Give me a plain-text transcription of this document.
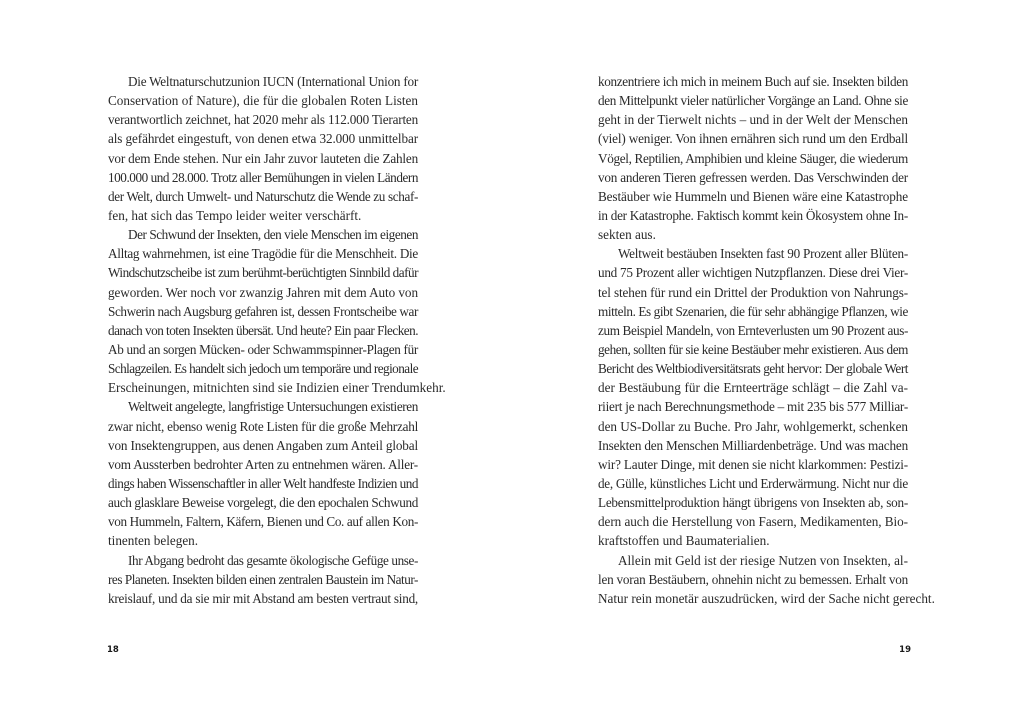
Die Weltnaturschutzunion IUCN (International Union for
Conservation of Nature), die für die globalen Roten Listen
verantwortlich zeichnet, hat 2020 mehr als 112.000 Tierarten
als gefährdet eingestuft, von denen etwa 32.000 unmittelbar
vor dem Ende stehen. Nur ein Jahr zuvor lauteten die Zahlen
100.000 und 28.000. Trotz aller Bemühungen in vielen Ländern
der Welt, durch Umwelt- und Naturschutz die Wende zu schaf-
fen, hat sich das Tempo leider weiter verschärft.
Der Schwund der Insekten, den viele Menschen im eigenen
Alltag wahrnehmen, ist eine Tragödie für die Menschheit. Die
Windschutzscheibe ist zum berühmt-berüchtigten Sinnbild dafür
geworden. Wer noch vor zwanzig Jahren mit dem Auto von
Schwerin nach Augsburg gefahren ist, dessen Frontscheibe war
danach von toten Insekten übersät. Und heute? Ein paar Flecken.
Ab und an sorgen Mücken- oder Schwammspinner-Plagen für
Schlagzeilen. Es handelt sich jedoch um temporäre und regionale
Erscheinungen, mitnichten sind sie Indizien einer Trendumkehr.
Weltweit angelegte, langfristige Untersuchungen existieren
zwar nicht, ebenso wenig Rote Listen für die große Mehrzahl
von Insektengruppen, aus denen Angaben zum Anteil global
vom Aussterben bedrohter Arten zu entnehmen wären. Aller-
dings haben Wissenschaftler in aller Welt handfeste Indizien und
auch glasklare Beweise vorgelegt, die den epochalen Schwund
von Hummeln, Faltern, Käfern, Bienen und Co. auf allen Kon-
tinenten belegen.
Ihr Abgang bedroht das gesamte ökologische Gefüge unse-
res Planeten. Insekten bilden einen zentralen Baustein im Natur-
kreislauf, und da sie mir mit Abstand am besten vertraut sind,
18
konzentriere ich mich in meinem Buch auf sie. Insekten bilden
den Mittelpunkt vieler natürlicher Vorgänge an Land. Ohne sie
geht in der Tierwelt nichts – und in der Welt der Menschen
(viel) weniger. Von ihnen ernähren sich rund um den Erdball
Vögel, Reptilien, Amphibien und kleine Säuger, die wiederum
von anderen Tieren gefressen werden. Das Verschwinden der
Bestäuber wie Hummeln und Bienen wäre eine Katastrophe
in der Katastrophe. Faktisch kommt kein Ökosystem ohne In-
sekten aus.
Weltweit bestäuben Insekten fast 90 Prozent aller Blüten-
und 75 Prozent aller wichtigen Nutzpflanzen. Diese drei Vier-
tel stehen für rund ein Drittel der Produktion von Nahrungs-
mitteln. Es gibt Szenarien, die für sehr abhängige Pflanzen, wie
zum Beispiel Mandeln, von Ernteverlusten um 90 Prozent aus-
gehen, sollten für sie keine Bestäuber mehr existieren. Aus dem
Bericht des Weltbiodiversitätsrats geht hervor: Der globale Wert
der Bestäubung für die Ernteerträge schlägt – die Zahl va-
riiert je nach Berechnungsmethode – mit 235 bis 577 Milliar-
den US-Dollar zu Buche. Pro Jahr, wohlgemerkt, schenken
Insekten den Menschen Milliardenbeträge. Und was machen
wir? Lauter Dinge, mit denen sie nicht klarkommen: Pestizi-
de, Gülle, künstliches Licht und Erderwärmung. Nicht nur die
Lebensmittelproduktion hängt übrigens von Insekten ab, son-
dern auch die Herstellung von Fasern, Medikamenten, Bio-
kraftstoffen und Baumaterialien.
Allein mit Geld ist der riesige Nutzen von Insekten, al-
len voran Bestäubern, ohnehin nicht zu bemessen. Erhalt von
Natur rein monetär auszudrücken, wird der Sache nicht gerecht.
19
